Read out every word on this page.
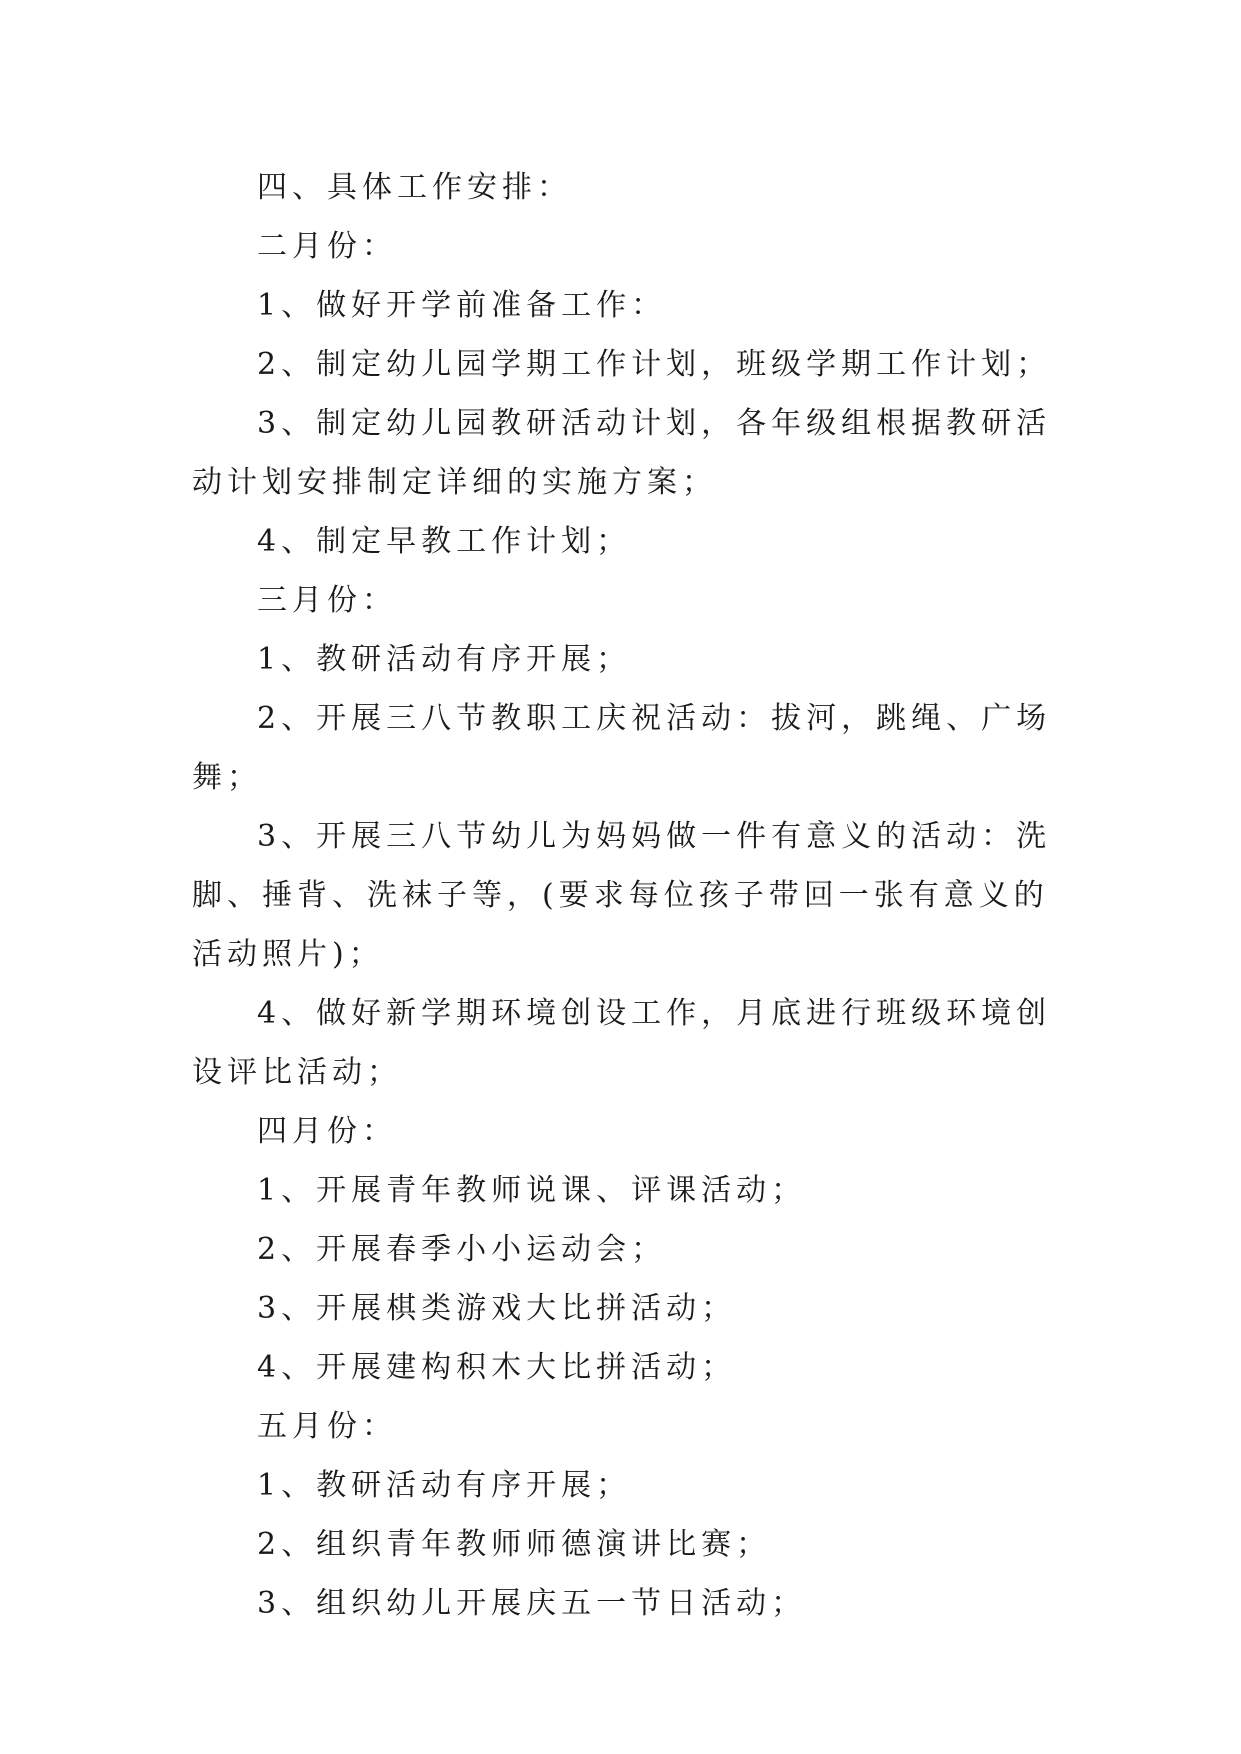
四、具体工作安排：

二月份：

1、做好开学前准备工作：

2、制定幼儿园学期工作计划，班级学期工作计划；

3、制定幼儿园教研活动计划，各年级组根据教研活动计划安排制定详细的实施方案；

4、制定早教工作计划；

三月份：

1、教研活动有序开展；

2、开展三八节教职工庆祝活动：拔河，跳绳、广场舞；

3、开展三八节幼儿为妈妈做一件有意义的活动：洗脚、捶背、洗袜子等，(要求每位孩子带回一张有意义的活动照片)；

4、做好新学期环境创设工作，月底进行班级环境创设评比活动；

四月份：

1、开展青年教师说课、评课活动；

2、开展春季小小运动会；

3、开展棋类游戏大比拼活动；

4、开展建构积木大比拼活动；

五月份：

1、教研活动有序开展；

2、组织青年教师师德演讲比赛；

3、组织幼儿开展庆五一节日活动；
